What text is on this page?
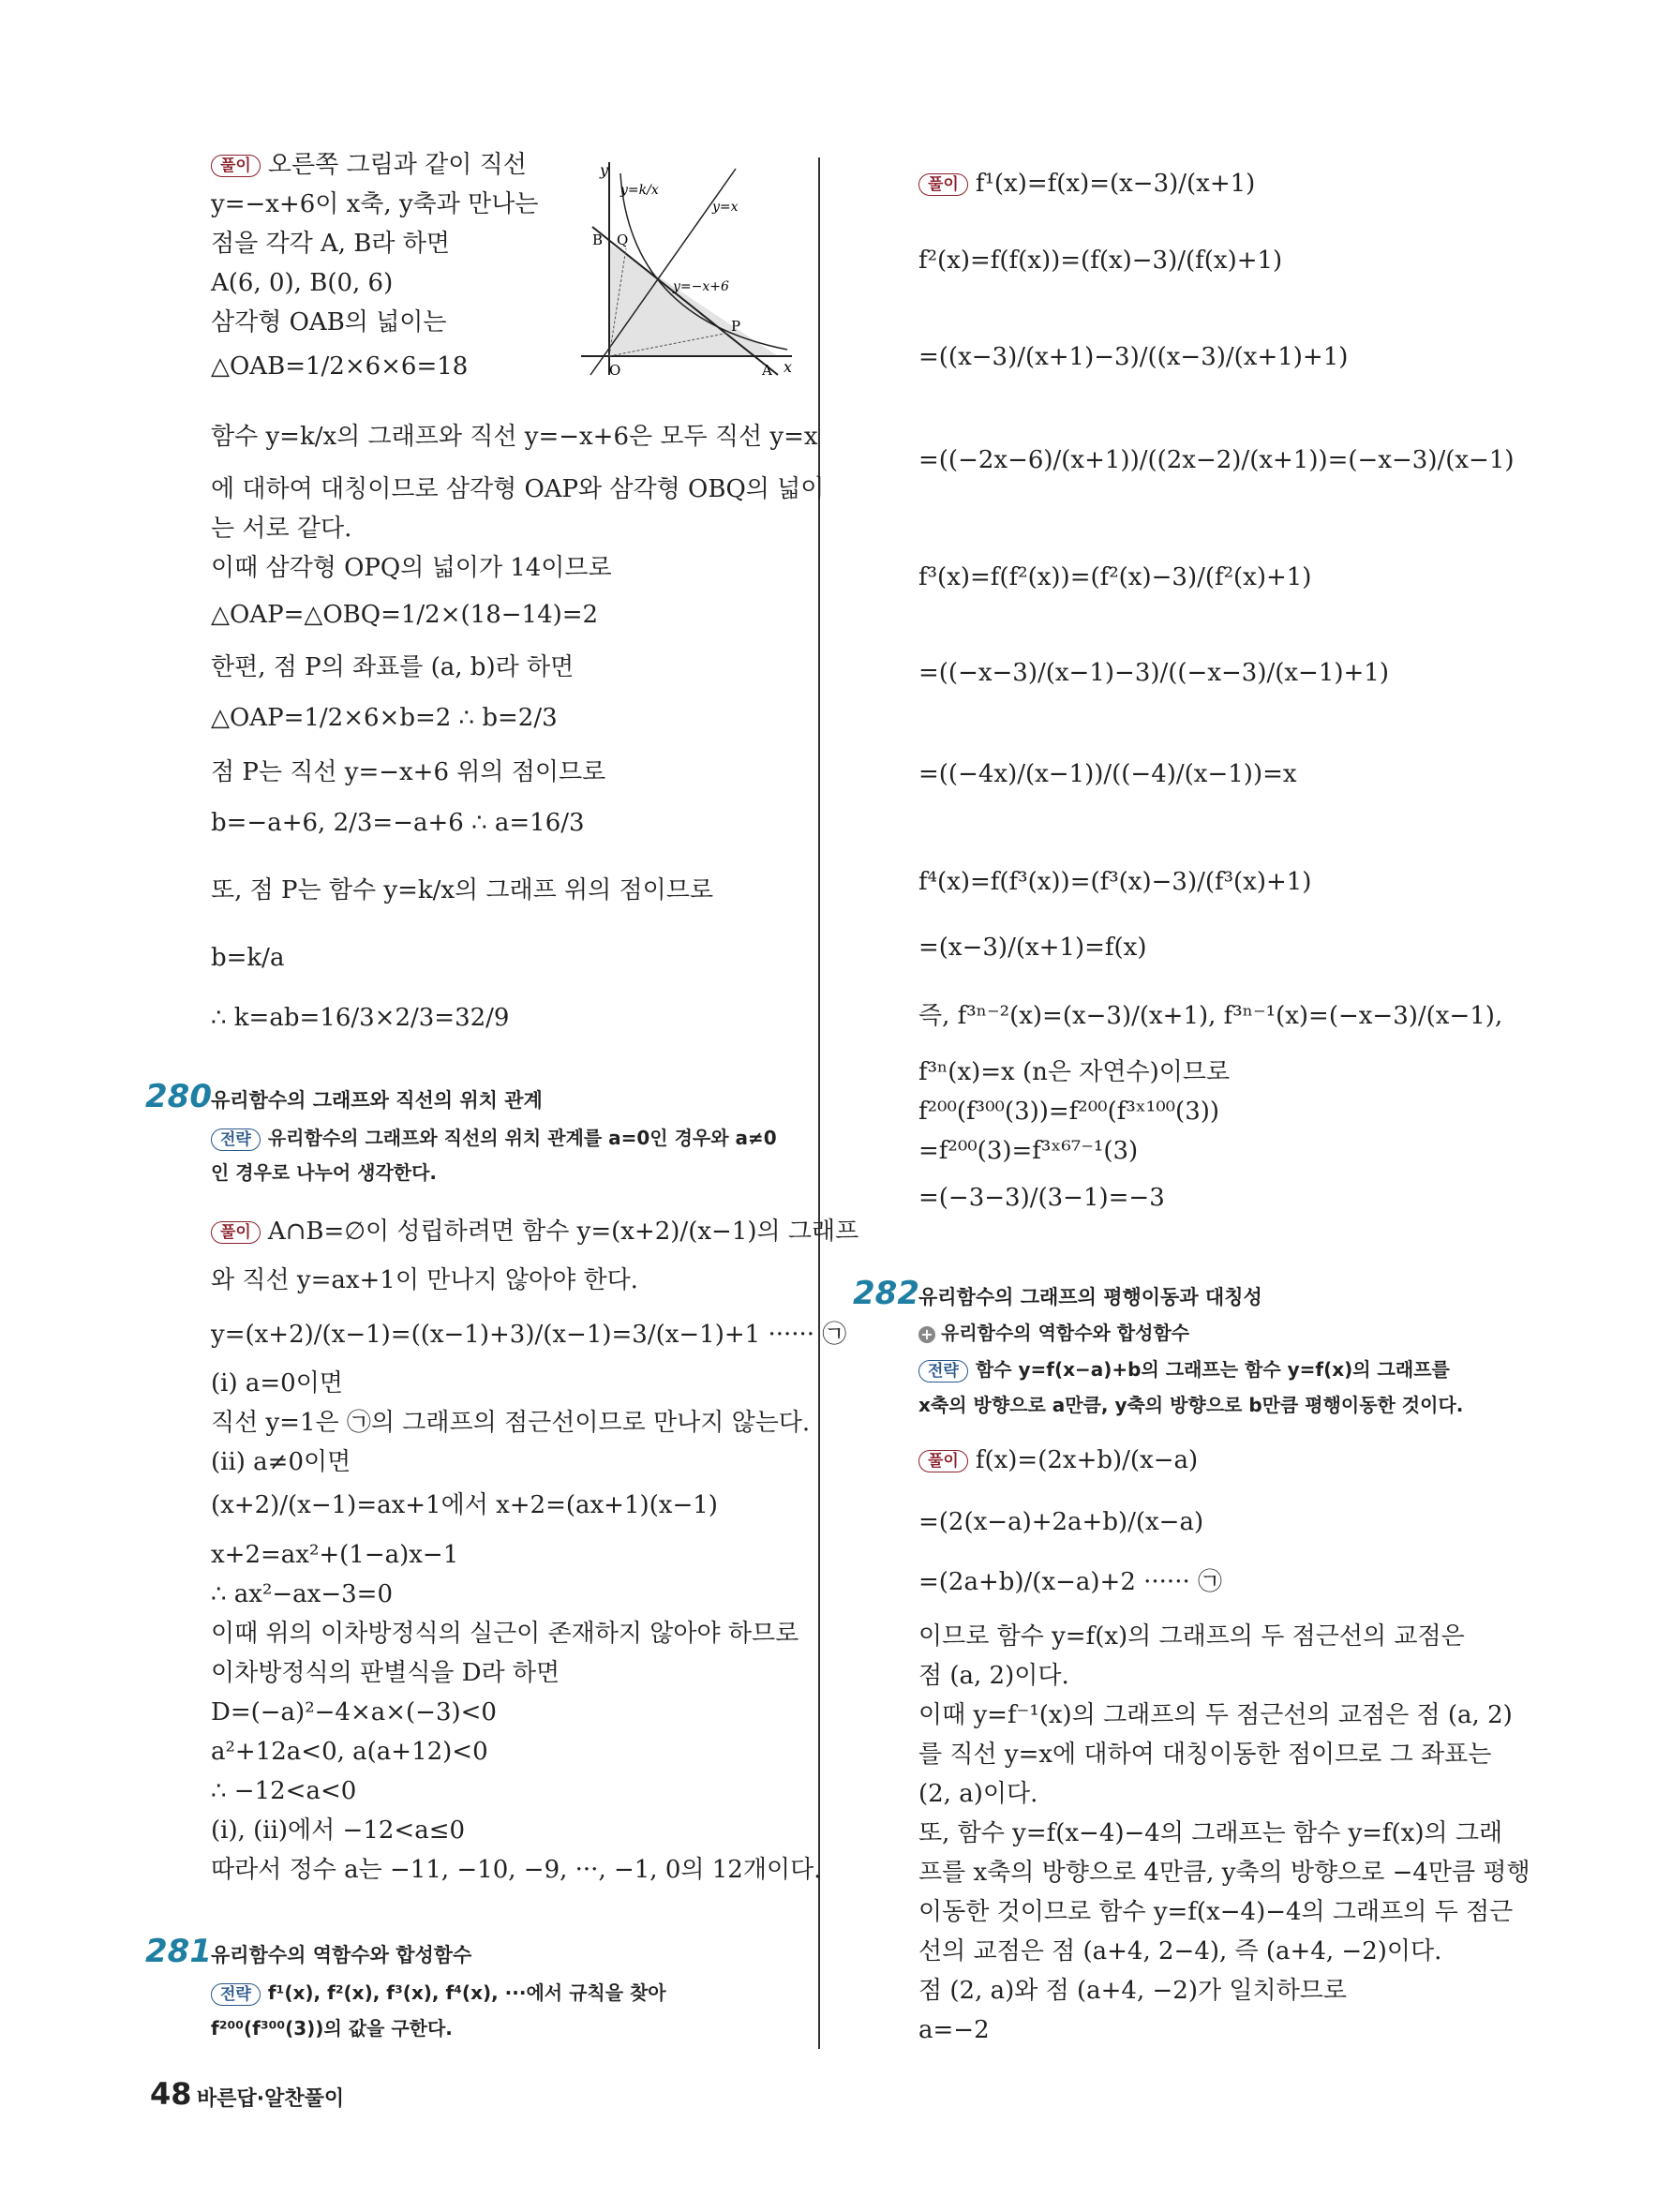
풀이 오른쪽 그림과 같이 직선
y=−x+6이 x축, y축과 만나는
점을 각각 A, B라 하면
A(6, 0), B(0, 6)
삼각형 OAB의 넓이는
△OAB=1/2×6×6=18
함수 y=k/x의 그래프와 직선 y=−x+6은 모두 직선 y=x
에 대하여 대칭이므로 삼각형 OAP와 삼각형 OBQ의 넓이
는 서로 같다.
이때 삼각형 OPQ의 넓이가 14이므로
△OAP=△OBQ=1/2×(18−14)=2
한편, 점 P의 좌표를 (a, b)라 하면
△OAP=1/2×6×b=2 ∴ b=2/3
점 P는 직선 y=−x+6 위의 점이므로
b=−a+6, 2/3=−a+6 ∴ a=16/3
또, 점 P는 함수 y=k/x의 그래프 위의 점이므로
b=k/a
∴ k=ab=16/3×2/3=32/9
280 유리함수의 그래프와 직선의 위치 관계
전략 유리함수의 그래프와 직선의 위치 관계를 a=0인 경우와 a≠0
인 경우로 나누어 생각한다.
풀이 A∩B=∅이 성립하려면 함수 y=(x+2)/(x−1)의 그래프
와 직선 y=ax+1이 만나지 않아야 한다.
y=(x+2)/(x−1)=((x−1)+3)/(x−1)=3/(x−1)+1 ······ ㉠
(i) a=0이면
직선 y=1은 ㉠의 그래프의 점근선이므로 만나지 않는다.
(ii) a≠0이면
(x+2)/(x−1)=ax+1에서 x+2=(ax+1)(x−1)
x+2=ax²+(1−a)x−1
∴ ax²−ax−3=0
이때 위의 이차방정식의 실근이 존재하지 않아야 하므로
이차방정식의 판별식을 D라 하면
D=(−a)²−4×a×(−3)<0
a²+12a<0, a(a+12)<0
∴ −12<a<0
(i), (ii)에서 −12<a≤0
따라서 정수 a는 −11, −10, −9, ···, −1, 0의 12개이다.
281 유리함수의 역함수와 합성함수
전략 f¹(x), f²(x), f³(x), f⁴(x), ···에서 규칙을 찾아
f²⁰⁰(f³⁰⁰(3))의 값을 구한다.
y
x
O	A
B Q
P
y=k/x
y=x
y=−x+6
풀이 f¹(x)=f(x)=(x−3)/(x+1)
f²(x)=f(f(x))=(f(x)−3)/(f(x)+1)
=((x−3)/(x+1)−3)/((x−3)/(x+1)+1)
=((−2x−6)/(x+1))/((2x−2)/(x+1))=(−x−3)/(x−1)
f³(x)=f(f²(x))=(f²(x)−3)/(f²(x)+1)
=((−x−3)/(x−1)−3)/((−x−3)/(x−1)+1)
=((−4x)/(x−1))/((−4)/(x−1))=x
f⁴(x)=f(f³(x))=(f³(x)−3)/(f³(x)+1)
=(x−3)/(x+1)=f(x)
즉, f³ⁿ⁻²(x)=(x−3)/(x+1), f³ⁿ⁻¹(x)=(−x−3)/(x−1),
f³ⁿ(x)=x (n은 자연수)이므로
f²⁰⁰(f³⁰⁰(3))=f²⁰⁰(f³ˣ¹⁰⁰(3))
=f²⁰⁰(3)=f³ˣ⁶⁷⁻¹(3)
=(−3−3)/(3−1)=−3
282 유리함수의 그래프의 평행이동과 대칭성
+ 유리함수의 역함수와 합성함수
전략 함수 y=f(x−a)+b의 그래프는 함수 y=f(x)의 그래프를
x축의 방향으로 a만큼, y축의 방향으로 b만큼 평행이동한 것이다.
풀이 f(x)=(2x+b)/(x−a)
=(2(x−a)+2a+b)/(x−a)
=(2a+b)/(x−a)+2 ······ ㉠
이므로 함수 y=f(x)의 그래프의 두 점근선의 교점은
점 (a, 2)이다.
이때 y=f⁻¹(x)의 그래프의 두 점근선의 교점은 점 (a, 2)
를 직선 y=x에 대하여 대칭이동한 점이므로 그 좌표는
(2, a)이다.
또, 함수 y=f(x−4)−4의 그래프는 함수 y=f(x)의 그래
프를 x축의 방향으로 4만큼, y축의 방향으로 −4만큼 평행
이동한 것이므로 함수 y=f(x−4)−4의 그래프의 두 점근
선의 교점은 점 (a+4, 2−4), 즉 (a+4, −2)이다.
점 (2, a)와 점 (a+4, −2)가 일치하므로
a=−2
48 바른답·알찬풀이
